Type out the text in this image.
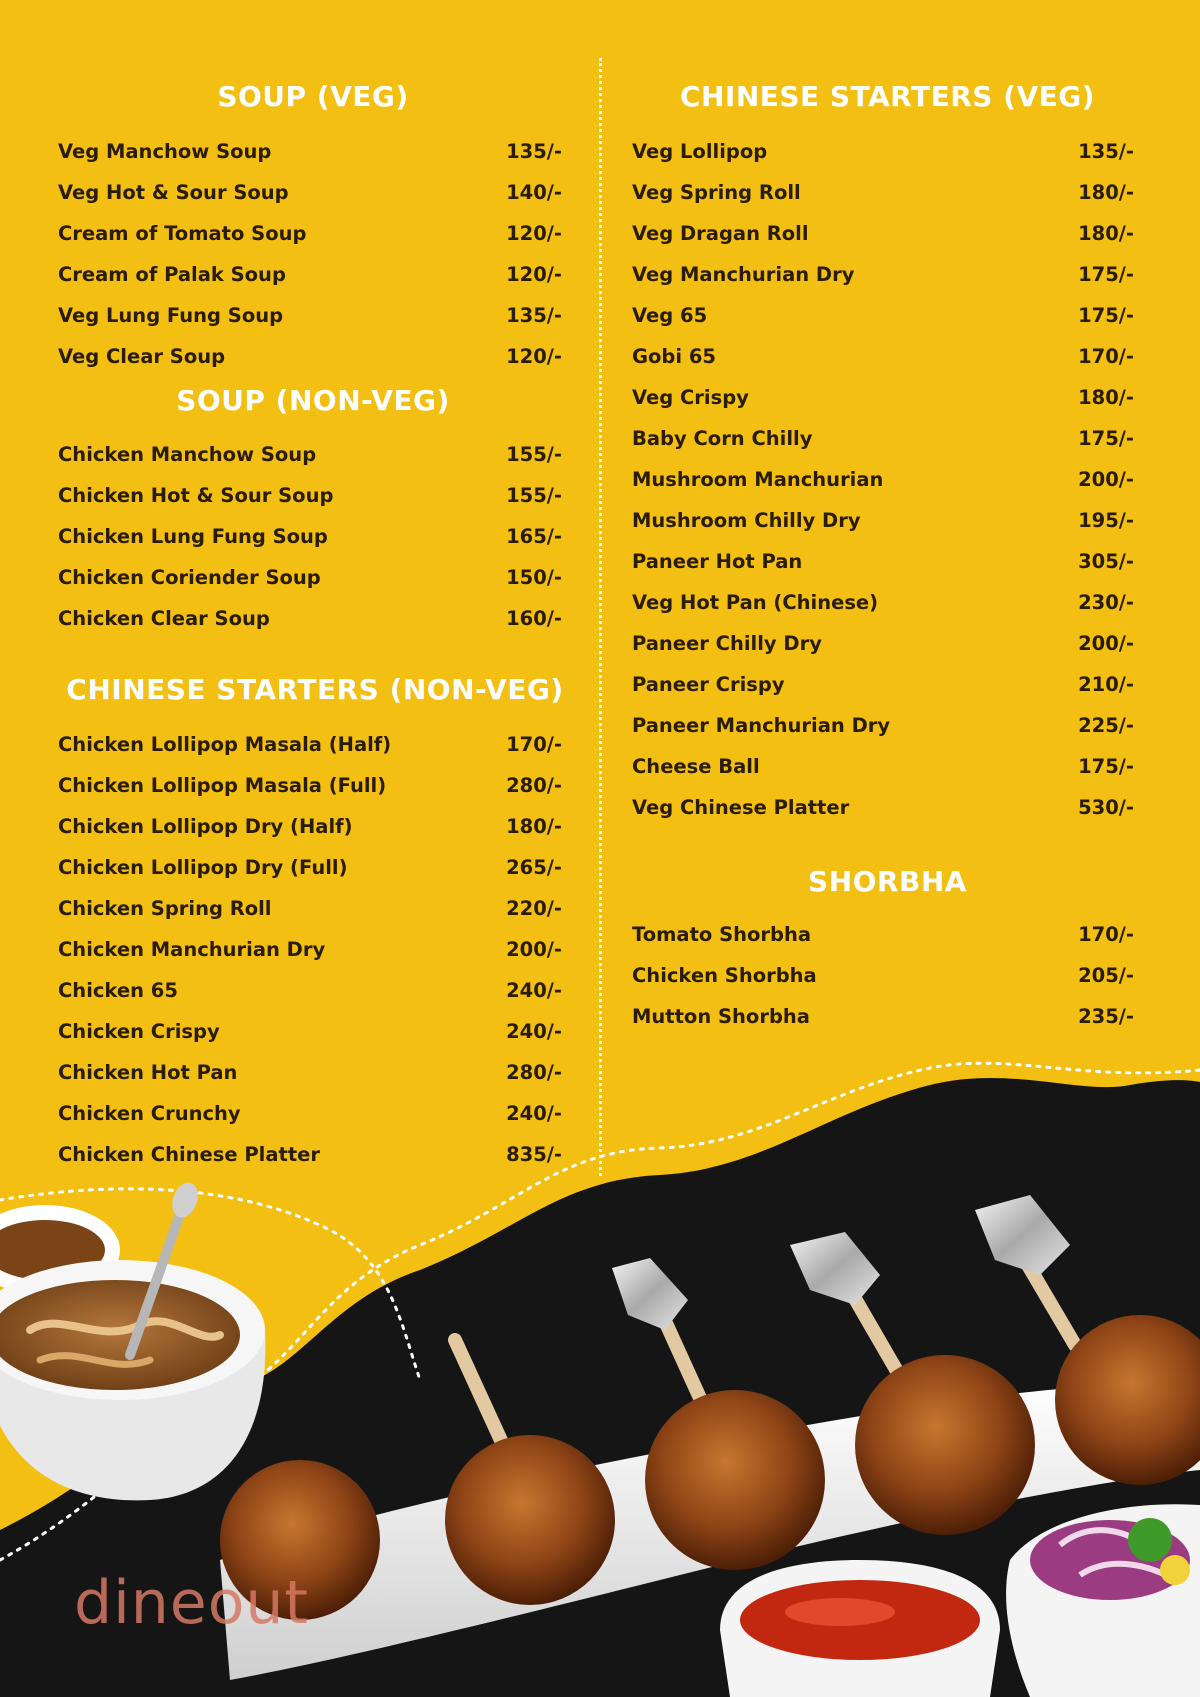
SOUP (VEG)
Veg Manchow Soup	135/-
Veg Hot & Sour Soup	140/-
Cream of Tomato Soup	120/-
Cream of Palak Soup	120/-
Veg Lung Fung Soup	135/-
Veg Clear Soup	120/-
SOUP (NON-VEG)
Chicken Manchow Soup	155/-
Chicken Hot & Sour Soup	155/-
Chicken Lung Fung Soup	165/-
Chicken Coriender Soup	150/-
Chicken Clear Soup	160/-
CHINESE STARTERS (NON-VEG)
Chicken Lollipop Masala (Half)	170/-
Chicken Lollipop Masala (Full)	280/-
Chicken Lollipop Dry (Half)	180/-
Chicken Lollipop Dry (Full)	265/-
Chicken Spring Roll	220/-
Chicken Manchurian Dry	200/-
Chicken 65	240/-
Chicken Crispy	240/-
Chicken Hot Pan	280/-
Chicken Crunchy	240/-
Chicken Chinese Platter	835/-
CHINESE STARTERS (VEG)
Veg Lollipop	135/-
Veg Spring Roll	180/-
Veg Dragan Roll	180/-
Veg Manchurian Dry	175/-
Veg 65	175/-
Gobi 65	170/-
Veg Crispy	180/-
Baby Corn Chilly	175/-
Mushroom Manchurian	200/-
Mushroom Chilly Dry	195/-
Paneer Hot Pan	305/-
Veg Hot Pan (Chinese)	230/-
Paneer Chilly Dry	200/-
Paneer Crispy	210/-
Paneer Manchurian Dry	225/-
Cheese Ball	175/-
Veg Chinese Platter	530/-
SHORBHA
Tomato Shorbha	170/-
Chicken Shorbha	205/-
Mutton Shorbha	235/-
dineout
